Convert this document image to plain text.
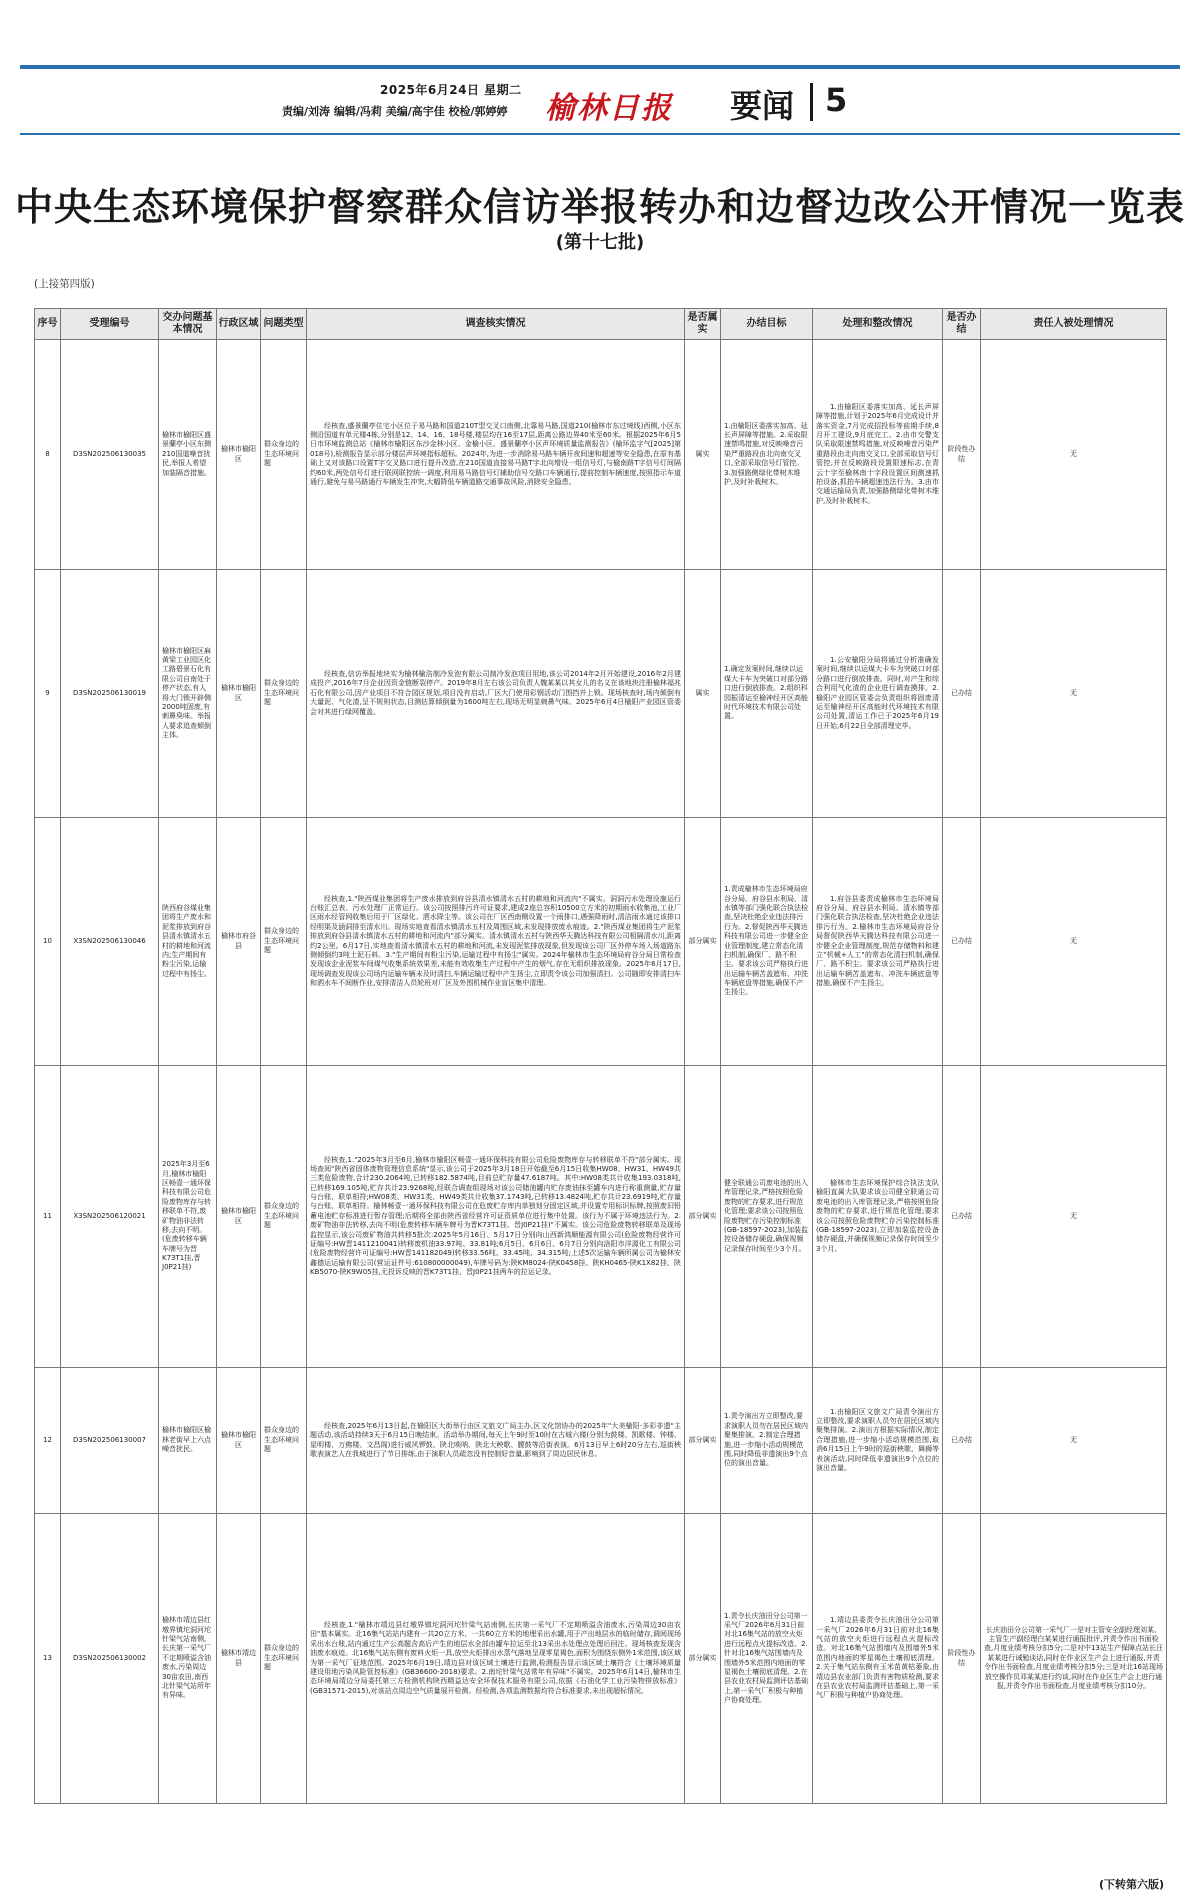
2025年6月24日 星期二
责编/刘涛 编辑/冯莉 美编/高宇佳 校检/郭婷婷 榆林日报 要闻 5
中央生态环境保护督察群众信访举报转办和边督边改公开情况一览表
(第十七批)
(上接第四版)
序号	受理编号	交办问题基本情况	行政区域	问题类型	调查核实情况	是否属实	办结目标	处理和整改情况	是否办结	责任人被处理情况
8	D3SN202506130035	榆林市榆阳区盛景蘭亭小区东侧210国道噪音扰民,举报人希望加装隔音措施。	榆林市榆阳区	群众身边的生态环境问题	经核查,盛景蘭亭住宅小区位于易马路和国道210T型交叉口南侧,北靠易马路,国道210(榆林市东过境线)西侧,小区东侧沿国道有单元楼4栋,分别是12、14、16、18号楼,楼层均在16至17层,距离公路边界40米至60米。根据2025年6月5日市环境监测总站《榆林市榆阳区东沙金林小区、金榆小区、盛景蘭亭小区声环境质量监测报告》(榆环监字气[2025]第018号),检测报告显示部分楼层声环境指标超标。2024年,为进一步消除易马路车辆开夜间速和超速等安全隐患,在原有基础上又对该路口设置T字交叉路口进行提升改造,在210国道直接易马路T字北向增设一组信号灯,与榆南路T字信号灯间隔约60米,两处信号灯进行联网联控统一调度,利用易马路信号灯辅助信号交路口车辆通行,提前控制车辆速度,按照指示车道通行,避免与易马路通行车辆发生冲突,大幅降低车辆道路交通事故风险,消除安全隐患。	属实	1.由榆阳区委落实加高、延长声屏障等措施。2.采取限速禁鸣措施,对反映噪音污染严重路段由北向南交叉口,全部采取信号灯管控。3.加强路侧绿化带树木维护,及时补栽树木。	1.由榆阳区委落实加高、延长声屏障等措施,计划于2025年6月完成设计并落实资金,7月完成招投标等前期手续,8月开工建设,9月底完工。2.由市交警支队采取限速禁鸣措施,对反映噪音污染严重路段由北向南交叉口,全部采取信号灯管控,并在反映路段设置限速标志,在青云十字至榆林南十字段设置区间测速抓拍设备,抓拍车辆超速违法行为。3.由市交通运输局负责,加强路侧绿化带树木维护,及时补栽树木。	阶段性办结	无
9	D3SN202506130019	榆林市榆阳区麻黄梁工业园区化工路碧景石化有限公司自南处于停产状态,有人将大门锁开辟侧2000吨固废,有刺鼻臭味。举报人要求追查倾倒主体。	榆林市榆阳区	群众身边的生态环境问题	经核查,信访举报地块实为榆林榆浩制冷发泡有限公司制冷发泡项目用地,该公司2014年2月开始建设,2016年2月建成投产,2016年7月企业因资金链断裂停产。2019年8月左右该公司负责人魏某某以其女儿的名义在该地块注册榆林福兆石化有限公司,因产业项目不符合园区规划,项目没有启动,厂区大门使用彩钢活动门围挡并上锁。现场核查时,场内倾倒有大量泥、气化渣,呈不规则状态,目测估算倾倒量为1600吨左右,现场无明显刺鼻气味。2025年6月4日榆阳产业园区管委会对其进行绿网覆盖。	属实	1.确定发案时间,继续以运煤大卡车为突破口对部分路口进行倒放排查。2.组织科园振清运至榆神经开区高能时代环境技术有限公司处置。	1.公安榆阳分局将通过分析准确发案时间,继续以运煤大卡车为突破口对部分路口进行倒放排查。同时,对产生和综合利用气化渣的企业进行调查摸排。2.榆阳产业园区管委会负责组织将固废清运至榆神经开区高能时代环境技术有限公司处置,清运工作已于2025年6月19日开始,6月22日全部清理完毕。	已办结	无
10	X3SN202506130046	陕西府谷煤业集团将生产废水和泥浆排放到府谷县清水镇清水五村的耕地和河流内;生产期间有粉尘污染,运输过程中有扬尘。	榆林市府谷县	群众身边的生态环境问题	经核查,1."陕西煤业集团将生产废水排放到府谷县清水镇清水五村的耕地和河流内"不属实。洞洞污水处理设施运行台账汇总表、污水处理厂正常运行。该公司按照排污许可证要求,建成2座总容积10500立方米的初期雨水收集池,工业厂区雨水经管网收集后用于厂区绿化、洒水降尘等。该公司在厂区西南侧设置一个雨排口,遇强降雨时,清洁雨水通过该排口经明渠及涵洞排至清水川。现场实地查看清水镇清水五村及周围区域,未发现排放废水痕迹。2."陕西煤业集团将生产泥浆排放到府谷县清水镇清水五村的耕地和河流内"部分属实。清水镇清水五村与陕西华天腾达科技有限公司相隔清水川,距离约2公里。6月17日,实地查看清水镇清水五村的耕地和河流,未发现泥浆排放现象,但发现该公司厂区外停车场入场道路东侧倾倒约3吨土泥石料。3."生产期间有粉尘污染,运输过程中有扬尘"属实。2024年榆林市生态环境局府谷分局日常检查发现该企业泥浆车间煤气收集系统效果差,未能有效收集生产过程中产生的烟气,存在无组织排放现象。2025年6月17日,现场调查发现该公司场内运输车辆未及时清扫,车辆运输过程中产生扬尘,立即责令该公司加强清扫。公司随即安排清扫车和洒水车不间断作业,安排清洁人员轮班对厂区及外围机械作业盲区集中清理。	部分属实	1.责成榆林市生态环境局府谷分局、府谷县水利局、清水镇等部门强化联合执法检查,坚决杜绝企业违法排污行为。2.督促陕西华天腾达科技有限公司进一步健全企业管理制度,建立常态化清扫机制,确保厂、路不积尘。要求该公司严格执行进出运输车辆苫盖遮布、冲洗车辆底盘等措施,确保不产生扬尘。	1.府谷县委责成榆林市生态环境局府谷分局、府谷县水利局、清水镇等部门强化联合执法检查,坚决杜绝企业违法排污行为。2.榆林市生态环境局府谷分局督促陕西华天腾达科技有限公司进一步健全企业管理制度,规范存储物料和建立"机械+人工"的常态化清扫机制,确保厂、路不积尘。要求该公司严格执行进出运输车辆苫盖遮布、冲洗车辆底盘等措施,确保不产生扬尘。	已办结	无
11	X3SN202506120021	2025年3月至6月,榆林市榆阳区畅壹一通环保科技有限公司危险废物库存与转移联单不符,废矿物油非法转移,去向不明。(危废转移车辆车牌号为晋K73T1挂,晋J0P21挂)	榆林市榆阳区	群众身边的生态环境问题	经核查,1."2025年3月至6月,榆林市榆阳区畅壹一通环保科技有限公司危险废物库存与转移联单不符"部分属实。现场查阅"陕西省固体废物管理信息系统"显示,该公司于2025年3月18日开始截至6月15日收集HW08、HW31、HW49共三类危险废物,合计230.2064吨,已转移182.5874吨,目前总贮存量47.6187吨。其中:HW08类共计收集193.0318吨,已转移169.105吨,贮存共计23.9268吨,经联合调查组现场对该公司储油罐内贮存废油抹至罐车内进行称重测量,贮存量与台账、联单相符;HW08类、HW31类、HW49类共计收集37.1743吨,已转移13.4824吨,贮存共计23.6919吨,贮存量与台账、联单相符。榆林畅壹一通环保科技有限公司在危废贮存库内单独划分固定区域,并设置专用标识标牌,按照废旧铅蓄电池贮存标准进行暂存管理;后期将全部由陕西省经营许可证资质单位进行集中处置。该行为不属于环境违法行为。2.废矿物油非法转移,去向不明(危废转移车辆车牌号为晋K73T1挂、晋J0P21挂)"不属实。该公司危险废物转移联单及现场监控显示,该公司废矿物油共转移5批次:2025年5月16日、5月17日分别向山西新鸿顺能源有限公司(危险废物经营许可证编号:HW晋1411210041)转移废机油33.97吨、33.81吨;6月5日、6月6日、6月7日分别向洛阳市洋源化工有限公司(危险废物经营许可证编号:HW晋141182049)转移33.56吨、33.45吨、34.315吨;上述5次运输车辆所属公司为榆林安鑫德运运输有限公司(营运证件号:610800000049),车牌号码为:陕KM8024-陕K0458挂、陕KH0465-陕K1X82挂、陕KB5070-陕K9W05挂,无投诉反映的晋K73T1挂、晋J0P21挂两车的拉运记录。	部分属实	健全联通公司废电池的出入库管理记录,严格按照危险废物的贮存要求,进行规范化管理;要求该公司按照危险废物贮存污染控制标准(GB-18597-2023),加装监控设备储存硬盘,确保视频记录保存时间至少3个月。	榆林市生态环境保护综合执法支队榆阳直属大队要求该公司健全联通公司废电池的出入库管理记录,严格按照危险废物的贮存要求,进行规范化管理;要求该公司按照危险废物贮存污染控制标准(GB-18597-2023),立即加装监控设备储存硬盘,并确保视频记录保存时间至少3个月。	已办结	无
12	D3SN202506130007	榆林市榆阳区榆林老街早上六点噪音扰民。	榆林市榆阳区	群众身边的生态环境问题	经核查,2025年6月13日起,在榆阳区大街举行由区文旅文广局主办,区文化馆协办的2025年"大美榆阳·多彩非遗"主题活动,该活动持续3天于6月15日晚结束。活动举办期间,每天上午9时至10时在古城六楼(分别为鼓楼、凯歌楼、钟楼、星明楼、万佛楼、文昌阁)进行威风锣鼓、陕北唢呐、陕北大秧歌、腰鼓等沿街表演。6月13日早上6时20分左右,巡街秧歌表演艺人在我城进行了节日排练,由于演职人员疏忽没有控制好音量,影响到了周边居民休息。	部分属实	1.责令演出方立即整改,要求演职人员勿在居民区域内聚集排演。2.制定合理措施,进一步缩小活动规模范围,同时降低非遗演出9个点位的演出音量。	1.由榆阳区文旅文广局责令演出方立即整改,要求演职人员勿在居民区域内聚集排演。2.演出方根据实际情况,制定合理措施,进一步缩小活动规模范围,取消6月15日上午9时的巡街秧歌、舞狮等表演活动,同时降低非遗演出9个点位的演出音量。	已办结	无
13	D3SN202506130002	榆林市靖边县红墩界镇坨洞河坨针梁气站南侧,长庆第一采气厂不定期喷溢含油废水,污染周边30亩农田,南西北针梁气站所年有异味。	榆林市靖边县	群众身边的生态环境问题	经核查,1."榆林市靖边县红墩界镇坨洞河坨针梁气站南侧,长庆第一采气厂不定期喷溢含油废水,污染周边30亩农田"基本属实。北16集气站站内建有一共20立方米、一共60立方米的地埋采出水罐,用于产出地层水的临时储存,调阅现场采出水台账,站内通过生产公高题含高后产生的地层水全部由罐车拉运至北13采出水处理点处理后回注。现场核查发现含油废水痕迹。北16集气站东侧有废料火炬一具,放空火炬排出水蒸气落地呈现零星褐色,面积为围绕东侧外1米范围,该区域为第一采气厂征地范围。2025年6月19日,靖边县对该区域土壤进行监测,检测报告显示该区域土壤符合《土壤环境质量建设用地污染风险管控标准》(GB36600-2018)要求。2.南坨针梁气站常年有异味"不属实。2025年6月14日,榆林市生态环境局靖边分局委托第三方检测机构陕西精益达安全环保技术服务有限公司,依据《石油化学工业污染物排放标准》(GB31571-2015),对该站点周边空气质量展开检测。经检测,各项监测数据均符合标准要求,未出现超标情况。	部分属实	1.责令长庆油田分公司第一采气厂2026年6月31日前对北16集气站的放空火炬进行远程点火提标改造。2.针对北16集气站围墙内及围墙外5米范围内地面的零星褐色土壤彻底清理。2.在县农业农村局监测评估基础上,第一采气厂积极与种植户协商处理。	1.靖边县委责令长庆油田分公司第一采气厂2026年6月31日前对北16集气站的放空火炬进行远程点火提标改造。对北16集气站围墙内及围墙外5米范围内地面的零星褐色土壤彻底清理。2.关于集气站东侧有玉米苗黄枯萎象,由靖边县农业部门负责有害物质检测,要求在县农业农村局监测评估基础上,第一采气厂积极与种植户协商处理。	阶段性办结	长庆油田分公司第一采气厂一是对主管安全副经理刘某、主管生产副经理白某某进行通报批评,并责令作出书面检查,月度业绩考核分扣5分;二是对中13站生产保障点站长汪某某进行诫勉谈话,同时在作业区生产会上进行通报,并责令作出书面检查,月度业绩考核分扣5分;三是对北16站现场放空操作员邓某某进行约谈,同时在作业区生产会上进行通报,并责令作出书面检查,月度业绩考核分扣10分。
(下转第六版)
